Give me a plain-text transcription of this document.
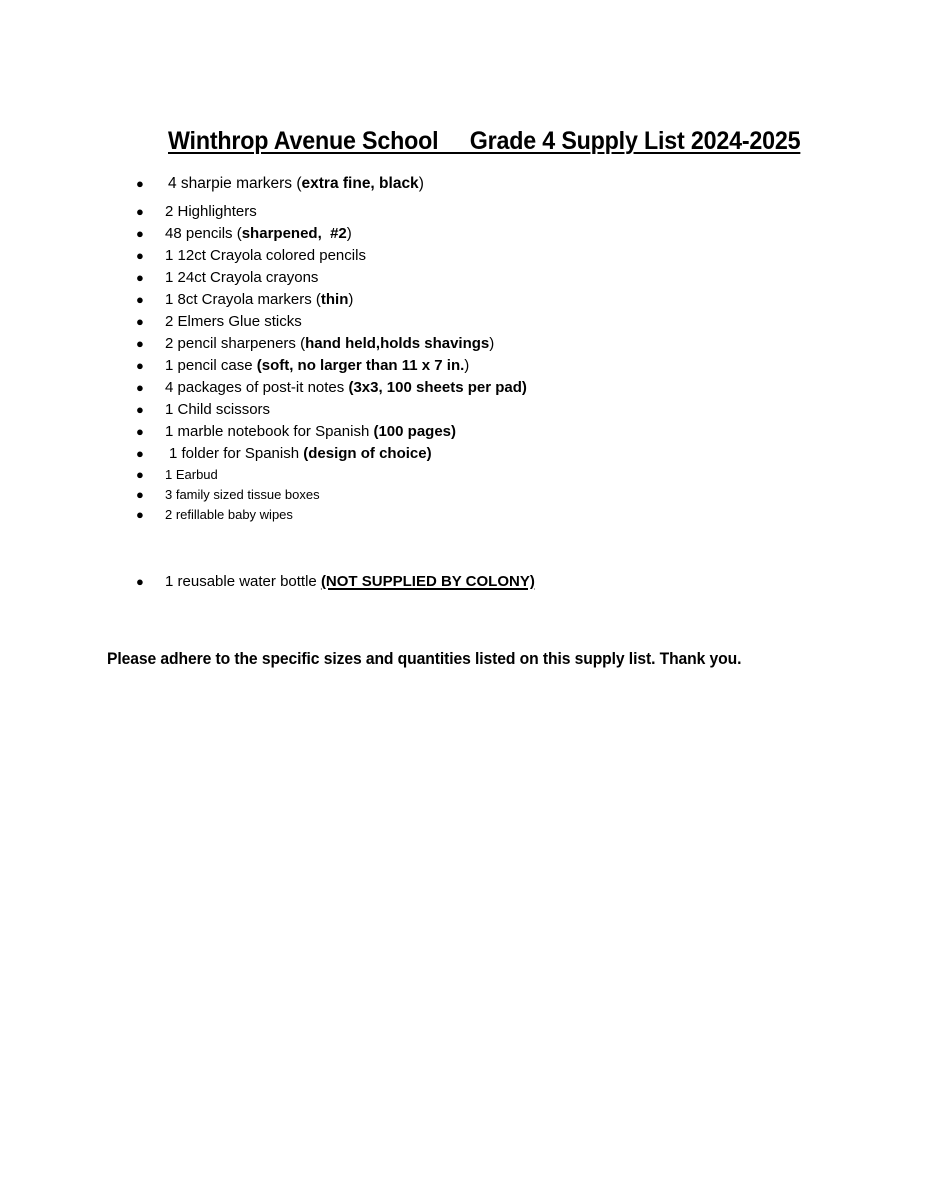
Winthrop Avenue School     Grade 4 Supply List 2024-2025
● 4 sharpie markers (extra fine, black)
● 2 Highlighters
● 48 pencils (sharpened,  #2)
● 1 12ct Crayola colored pencils
● 1 24ct Crayola crayons
● 1 8ct Crayola markers (thin)
● 2 Elmers Glue sticks
● 2 pencil sharpeners (hand held,holds shavings)
● 1 pencil case (soft, no larger than 11 x 7 in.)
● 4 packages of post-it notes (3x3, 100 sheets per pad)
● 1 Child scissors
● 1 marble notebook for Spanish (100 pages)
● 1 folder for Spanish (design of choice)
● 1 Earbud
● 3 family sized tissue boxes
● 2 refillable baby wipes
● 1 reusable water bottle (NOT SUPPLIED BY COLONY)
Please adhere to the specific sizes and quantities listed on this supply list. Thank you.
